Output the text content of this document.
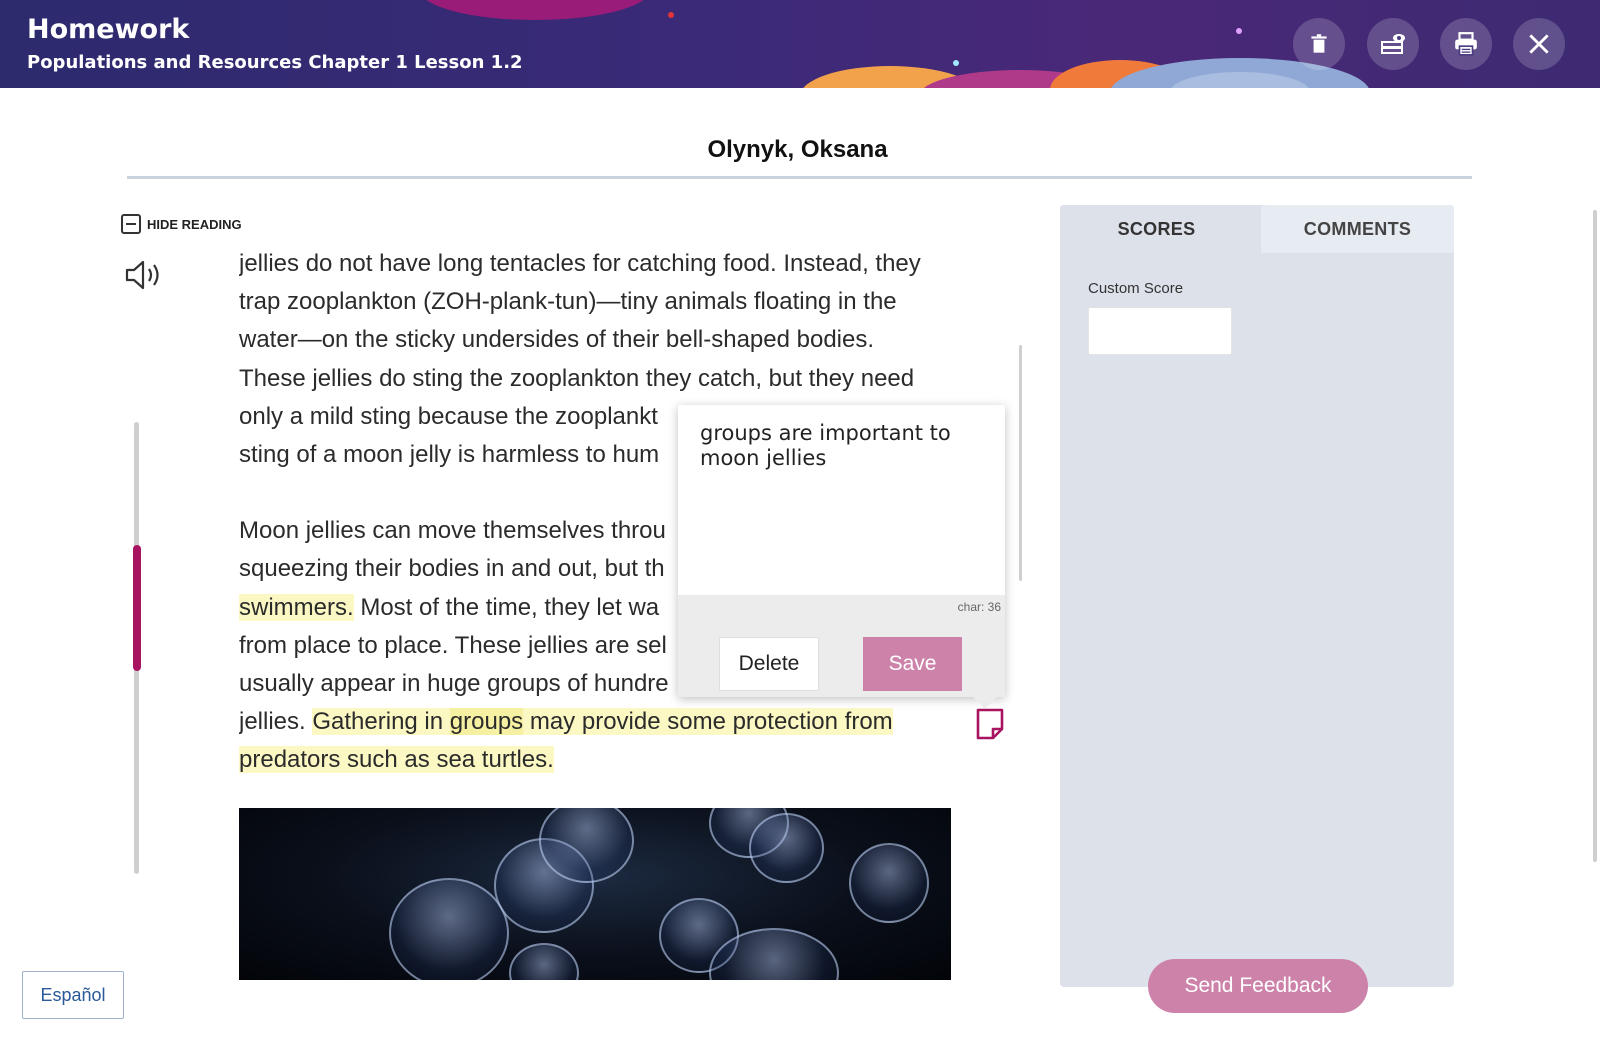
Homework
Populations and Resources Chapter 1 Lesson 1.2
Olynyk, Oksana
HIDE READING

jellies do not have long tentacles for catching food. Instead, they

trap zooplankton (ZOH-plank-tun)—tiny animals floating in the

water—on the sticky undersides of their bell-shaped bodies.

These jellies do sting the zooplankton they catch, but they need

only a mild sting because the zooplankt

sting of a moon jelly is harmless to hum

Moon jellies can move themselves throu

squeezing their bodies in and out, but th

swimmers. Most of the time, they let wa

from place to place. These jellies are sel

usually appear in huge groups of hundre

jellies. Gathering in groups may provide some protection from

predators such as sea turtles.

groups are important to moon jellies
char: 36
Delete	Save
SCORES	COMMENTS
Custom Score
Send Feedback
Español
